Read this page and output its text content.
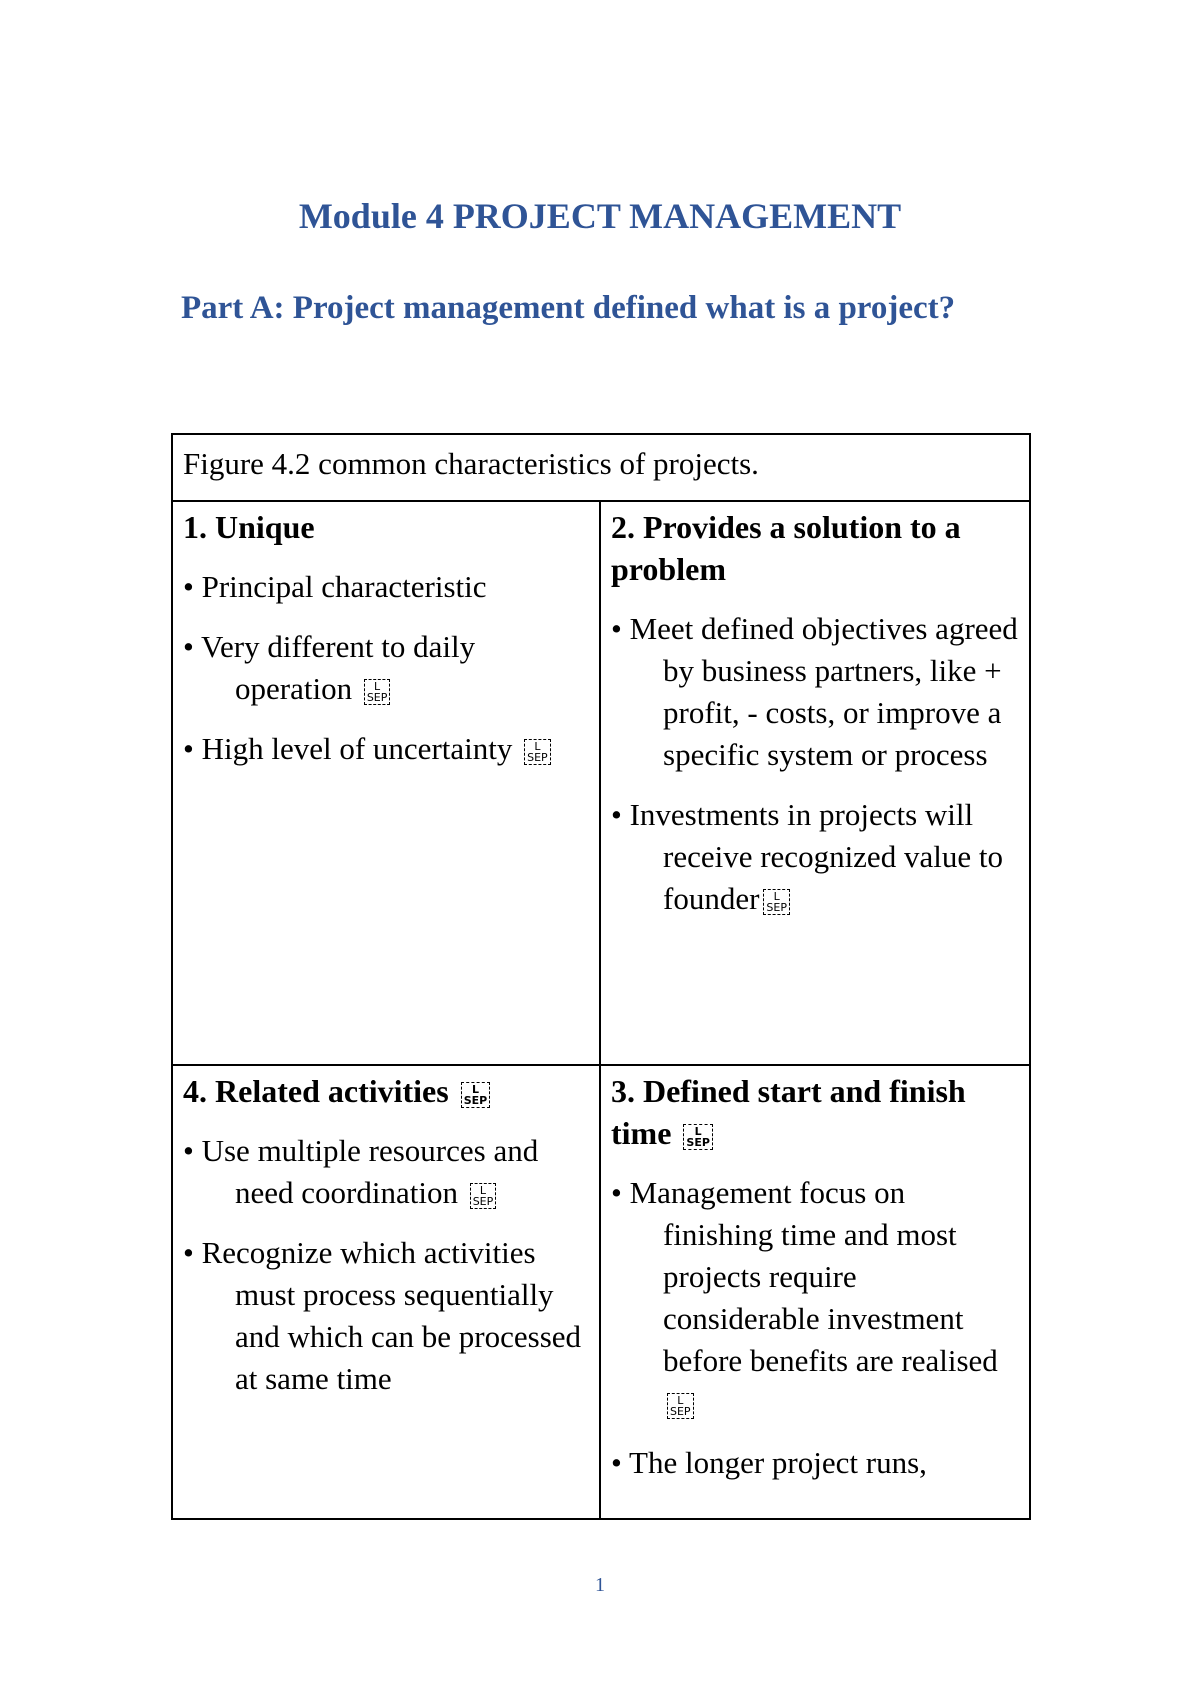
Module 4 PROJECT MANAGEMENT
Part A: Project management defined what is a project?
Figure 4.2 common characteristics of projects.

1. Unique

• Principal characteristic

• Very different to daily operation L
SEP

• High level of uncertainty L
SEP

2. Provides a solution to a problem

• Meet defined objectives agreed by business partners, like + profit, - costs, or improve a specific system or process

• Investments in projects will receive recognized value to founder L
SEP

4. Related activities L
SEP

• Use multiple resources and need coordination L
SEP

• Recognize which activities must process sequentially and which can be processed at same time

3. Defined start and finish time L
SEP

• Management focus on finishing time and most projects require considerable investment before benefits are realised L
SEP

• The longer project runs,

1
